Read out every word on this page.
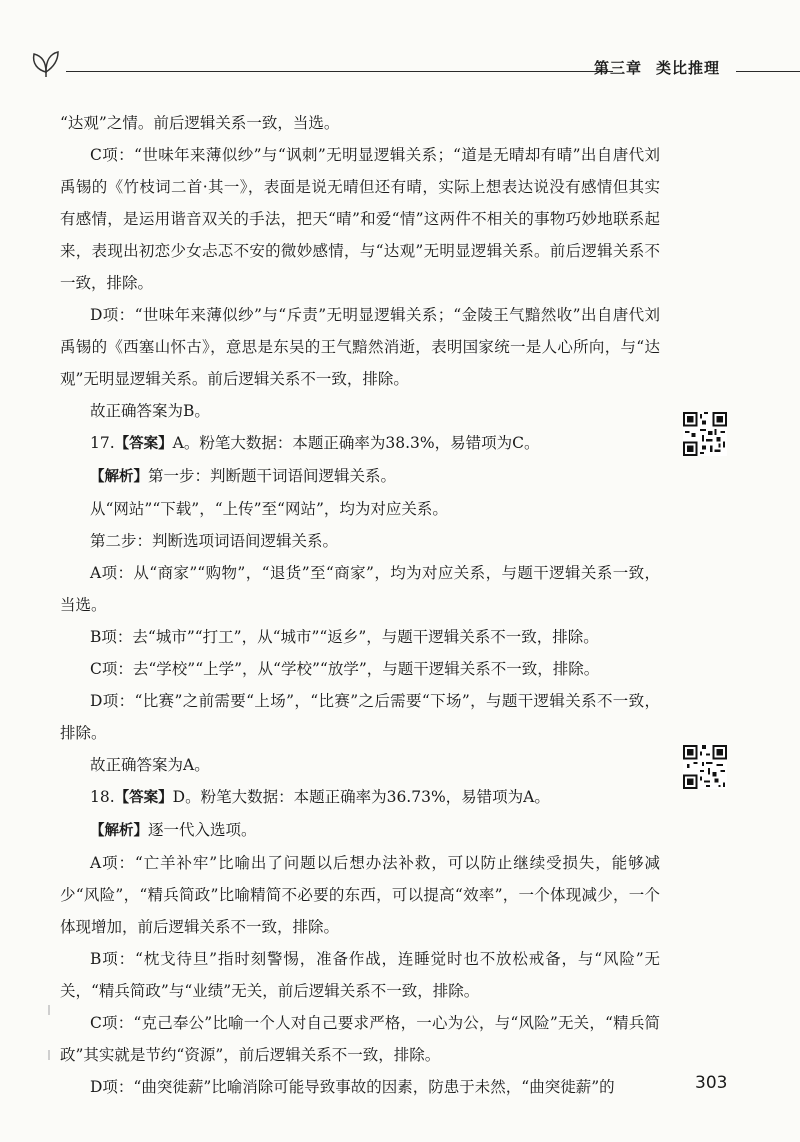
第三章 类比推理

“达观”之情。前后逻辑关系一致，当选。

C项：“世味年来薄似纱”与“讽刺”无明显逻辑关系；“道是无晴却有晴”出自唐代刘禹锡的《竹枝词二首·其一》，表面是说无晴但还有晴，实际上想表达说没有感情但其实有感情，是运用谐音双关的手法，把天“晴”和爱“情”这两件不相关的事物巧妙地联系起来，表现出初恋少女忐忑不安的微妙感情，与“达观”无明显逻辑关系。前后逻辑关系不一致，排除。

D项：“世味年来薄似纱”与“斥责”无明显逻辑关系；“金陵王气黯然收”出自唐代刘禹锡的《西塞山怀古》，意思是东吴的王气黯然消逝，表明国家统一是人心所向，与“达观”无明显逻辑关系。前后逻辑关系不一致，排除。

故正确答案为B。

17.【答案】A。粉笔大数据：本题正确率为38.3%，易错项为C。

【解析】第一步：判断题干词语间逻辑关系。

从“网站”“下载”，“上传”至“网站”，均为对应关系。

第二步：判断选项词语间逻辑关系。

A项：从“商家”“购物”，“退货”至“商家”，均为对应关系，与题干逻辑关系一致，当选。

B项：去“城市”“打工”，从“城市”“返乡”，与题干逻辑关系不一致，排除。

C项：去“学校”“上学”，从“学校”“放学”，与题干逻辑关系不一致，排除。

D项：“比赛”之前需要“上场”，“比赛”之后需要“下场”，与题干逻辑关系不一致，排除。

故正确答案为A。

18.【答案】D。粉笔大数据：本题正确率为36.73%，易错项为A。

【解析】逐一代入选项。

A项：“亡羊补牢”比喻出了问题以后想办法补救，可以防止继续受损失，能够减少“风险”，“精兵简政”比喻精简不必要的东西，可以提高“效率”，一个体现减少，一个体现增加，前后逻辑关系不一致，排除。

B项：“枕戈待旦”指时刻警惕，准备作战，连睡觉时也不放松戒备，与“风险”无关，“精兵简政”与“业绩”无关，前后逻辑关系不一致，排除。

C项：“克己奉公”比喻一个人对自己要求严格，一心为公，与“风险”无关，“精兵简政”其实就是节约“资源”，前后逻辑关系不一致，排除。

D项：“曲突徙薪”比喻消除可能导致事故的因素，防患于未然，“曲突徙薪”的	303
